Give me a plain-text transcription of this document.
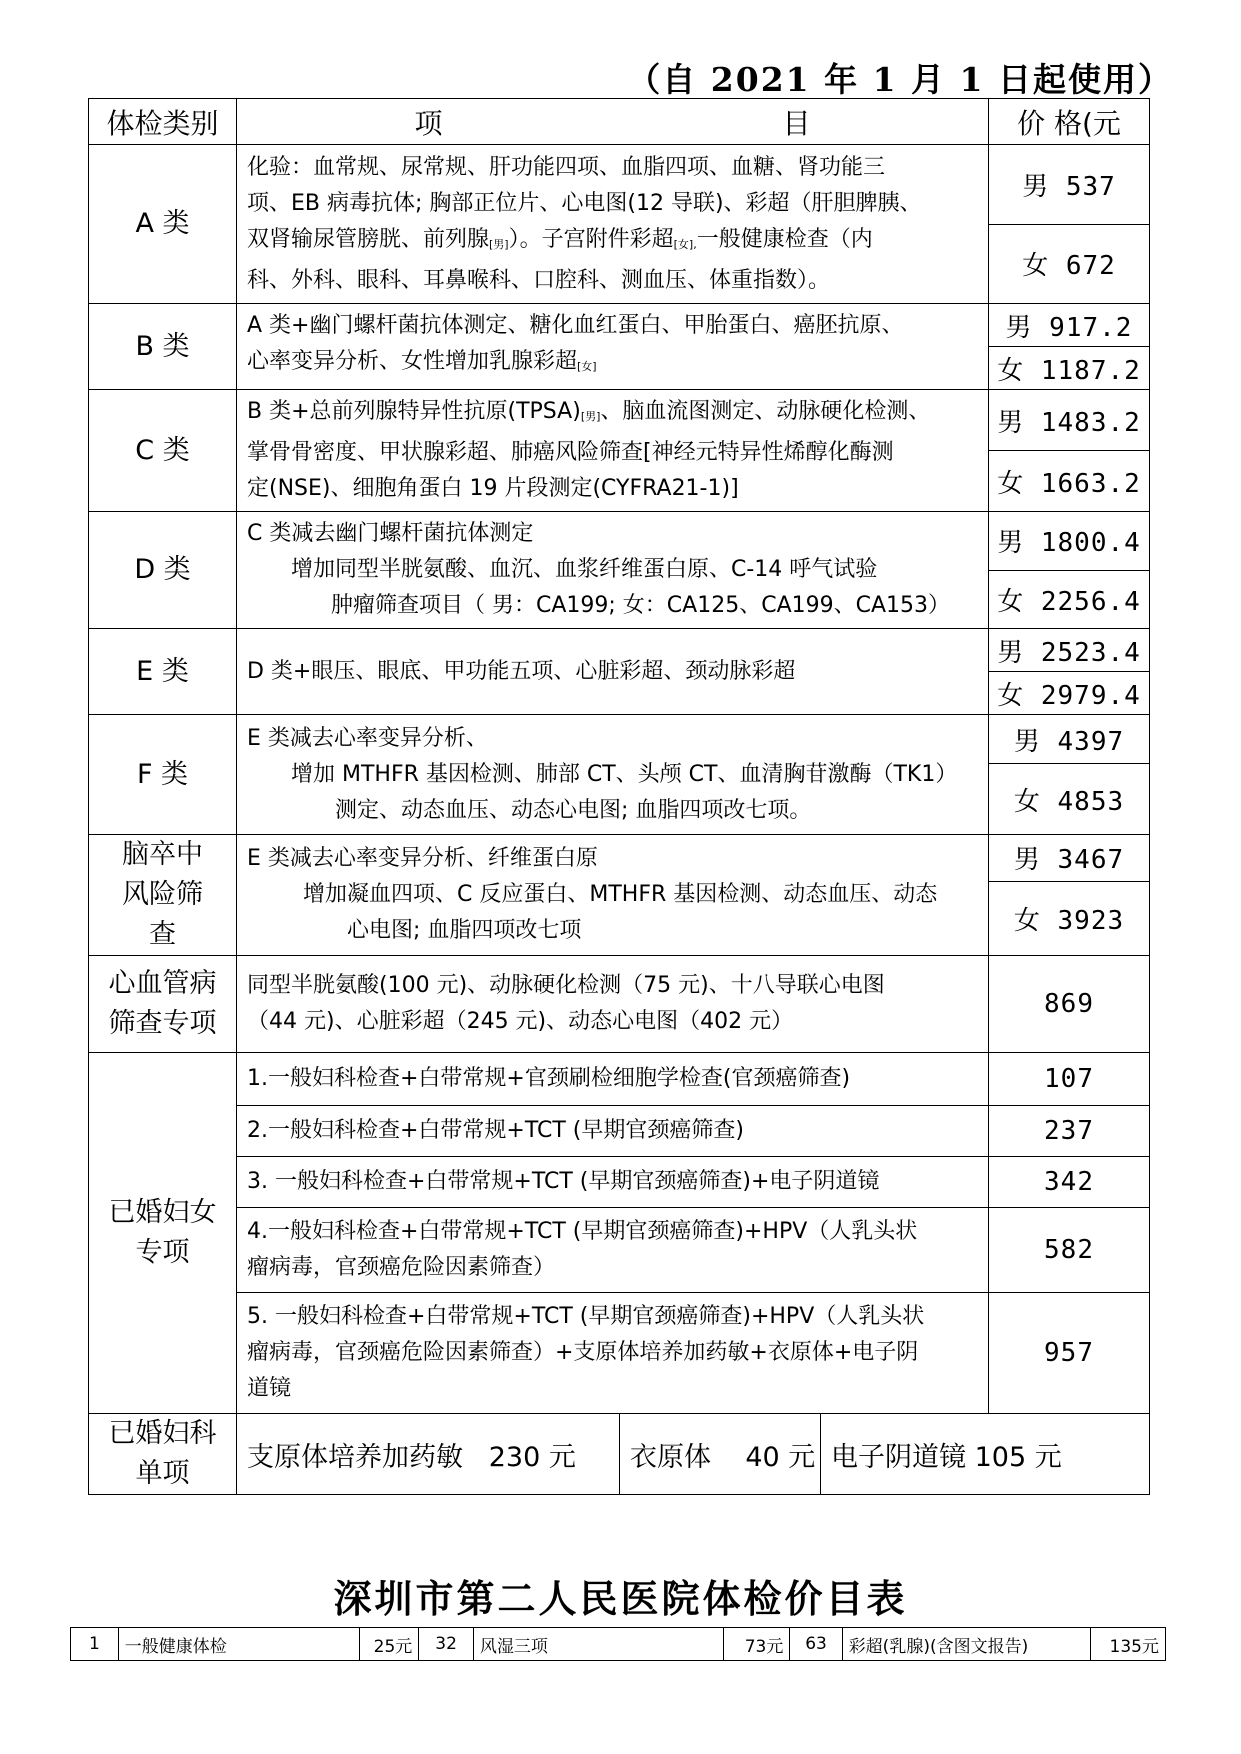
（自 2021 年 1 月 1 日起使用）
体检类别	项 目	价 格(元
A 类	化验：血常规、尿常规、肝功能四项、血脂四项、血糖、肾功能三
项、EB 病毒抗体; 胸部正位片、心电图(12 导联)、彩超（肝胆脾胰、
双肾输尿管膀胱、前列腺$_{[男]}$）。子宫附件彩超$_{[女],}$一般健康检查（内
科、外科、眼科、耳鼻喉科、口腔科、测血压、体重指数）。	男 537
		女 672
B 类	A 类+幽门螺杆菌抗体测定、糖化血红蛋白、甲胎蛋白、癌胚抗原、
心率变异分析、女性增加乳腺彩超$_{[女]}$	男 917.2
		女 1187.2
C 类	B 类+总前列腺特异性抗原$(TPSA)_{[男]}$、脑血流图测定、动脉硬化检测、
掌骨骨密度、甲状腺彩超、肺癌风险筛查[神经元特异性烯醇化酶测
定(NSE)、细胞角蛋白 19 片段测定(CYFRA21-1)]	男 1483.2
		女 1663.2
D 类	C 类减去幽门螺杆菌抗体测定
增加同型半胱氨酸、血沉、血浆纤维蛋白原、C-14 呼气试验
肿瘤筛查项目（ 男：CA199; 女：CA125、CA199、CA153）	男 1800.4
		女 2256.4
E 类	D 类+眼压、眼底、甲功能五项、心脏彩超、颈动脉彩超	男 2523.4
		女 2979.4
F 类	E 类减去心率变异分析、
增加 MTHFR 基因检测、肺部 CT、头颅 CT、血清胸苷激酶（TK1）
测定、动态血压、动态心电图; 血脂四项改七项。	男 4397
		女 4853

脑卒中风险筛查	E 类减去心率变异分析、纤维蛋白原
增加凝血四项、C 反应蛋白、MTHFR 基因检测、动态血压、动态
心电图; 血脂四项改七项	男 3467
		女 3923

心血管病筛查专项	同型半胱氨酸(100 元)、动脉硬化检测（75 元)、十八导联心电图
（44 元)、心脏彩超（245 元)、动态心电图（402 元）	869

已婚妇女专项	1.一般妇科检查+白带常规+官颈刷检细胞学检查(官颈癌筛查)	107

	2.一般妇科检查+白带常规+TCT (早期官颈癌筛查)	237

	3. 一般妇科检查+白带常规+TCT (早期官颈癌筛查)+电子阴道镜	342

	4.一般妇科检查+白带常规+TCT (早期官颈癌筛查)+HPV（人乳头状
瘤病毒，官颈癌危险因素筛查）	582

	5. 一般妇科检查+白带常规+TCT (早期官颈癌筛查)+HPV（人乳头状
瘤病毒，官颈癌危险因素筛查）+支原体培养加药敏+衣原体+电子阴
道镜	957

已婚妇科单项	支原体培养加药敏   230 元 衣原体    40 元 电子阴道镜 105 元	
深圳市第二人民医院体检价目表
1	一般健康体检	25元	32	风湿三项	73元	63	彩超(乳腺)(含图文报告)	135元
